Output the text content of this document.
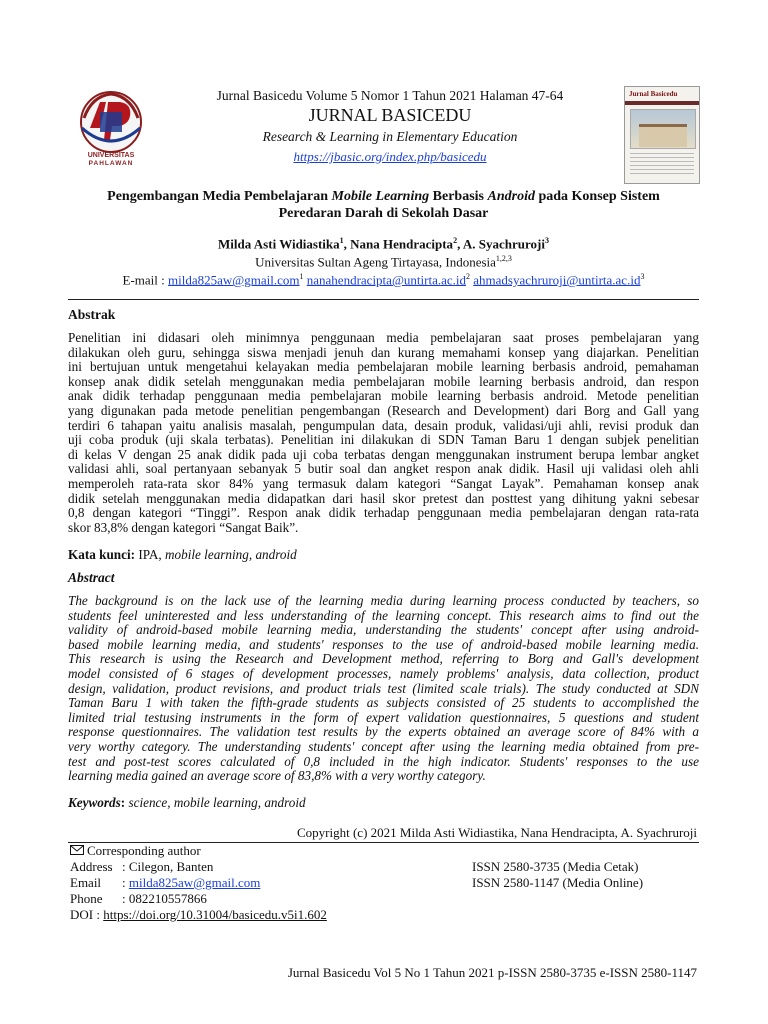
UNIVERSITAS
PAHLAWAN
Jurnal Basicedu Volume 5 Nomor 1 Tahun 2021 Halaman 47-64
JURNAL BASICEDU
Research & Learning in Elementary Education
https://jbasic.org/index.php/basicedu
Jurnal Basicedu
Pengembangan Media Pembelajaran Mobile Learning Berbasis Android pada Konsep Sistem
Peredaran Darah di Sekolah Dasar
Milda Asti Widiastika$^1$, Nana Hendracipta$^2$, A. Syachruroji$^3$
Universitas Sultan Ageng Tirtayasa, Indonesia$^{1,2,3}$
E-mail : milda825aw@gmail.com$^1$ $nanahendracipta@untirta.ac.id^2$ $ahmadsyachruroji@untirta.ac.id^3$
Abstrak
Penelitian ini didasari oleh minimnya penggunaan media pembelajaran saat proses pembelajaran yang
dilakukan oleh guru, sehingga siswa menjadi jenuh dan kurang memahami konsep yang diajarkan. Penelitian
ini bertujuan untuk mengetahui kelayakan media pembelajaran mobile learning berbasis android, pemahaman
konsep anak didik setelah menggunakan media pembelajaran mobile learning berbasis android, dan respon
anak didik terhadap penggunaan media pembelajaran mobile learning berbasis android. Metode penelitian
yang digunakan pada metode penelitian pengembangan (Research and Development) dari Borg and Gall yang
terdiri 6 tahapan yaitu analisis masalah, pengumpulan data, desain produk, validasi/uji ahli, revisi produk dan
uji coba produk (uji skala terbatas). Penelitian ini dilakukan di SDN Taman Baru 1 dengan subjek penelitian
di kelas V dengan 25 anak didik pada uji coba terbatas dengan menggunakan instrument berupa lembar angket
validasi ahli, soal pertanyaan sebanyak 5 butir soal dan angket respon anak didik. Hasil uji validasi oleh ahli
memperoleh rata-rata skor 84% yang termasuk dalam kategori “Sangat Layak”. Pemahaman konsep anak
didik setelah menggunakan media didapatkan dari hasil skor pretest dan posttest yang dihitung yakni sebesar
0,8 dengan kategori “Tinggi”. Respon anak didik terhadap penggunaan media pembelajaran dengan rata-rata
skor 83,8% dengan kategori “Sangat Baik”.
Kata kunci: IPA, mobile learning, android
Abstract
The background is on the lack use of the learning media during learning process conducted by teachers, so
students feel uninterested and less understanding of the learning concept. This research aims to find out the
validity of android-based mobile learning media, understanding the students' concept after using android-
based mobile learning media, and students' responses to the use of android-based mobile learning media.
This research is using the Research and Development method, referring to Borg and Gall's development
model consisted of 6 stages of development processes, namely problems' analysis, data collection, product
design, validation, product revisions, and product trials test (limited scale trials). The study conducted at SDN
Taman Baru 1 with taken the fifth-grade students as subjects consisted of 25 students to accomplished the
limited trial testusing instruments in the form of expert validation questionnaires, 5 questions and student
response questionnaires. The validation test results by the experts obtained an average score of 84% with a
very worthy category. The understanding students' concept after using the learning media obtained from pre-
test and post-test scores calculated of 0,8 included in the high indicator. Students' responses to the use
learning media gained an average score of 83,8% with a very worthy category.
Keywords: science, mobile learning, android
Copyright (c) 2021 Milda Asti Widiastika, Nana Hendracipta, A. Syachruroji
Corresponding author
Address : Cilegon, Banten
Email : milda825aw@gmail.com
Phone : 082210557866
DOI : https://doi.org/10.31004/basicedu.v5i1.602
ISSN 2580-3735 (Media Cetak)
ISSN 2580-1147 (Media Online)
Jurnal Basicedu Vol 5 No 1 Tahun 2021 p-ISSN 2580-3735 e-ISSN 2580-1147
